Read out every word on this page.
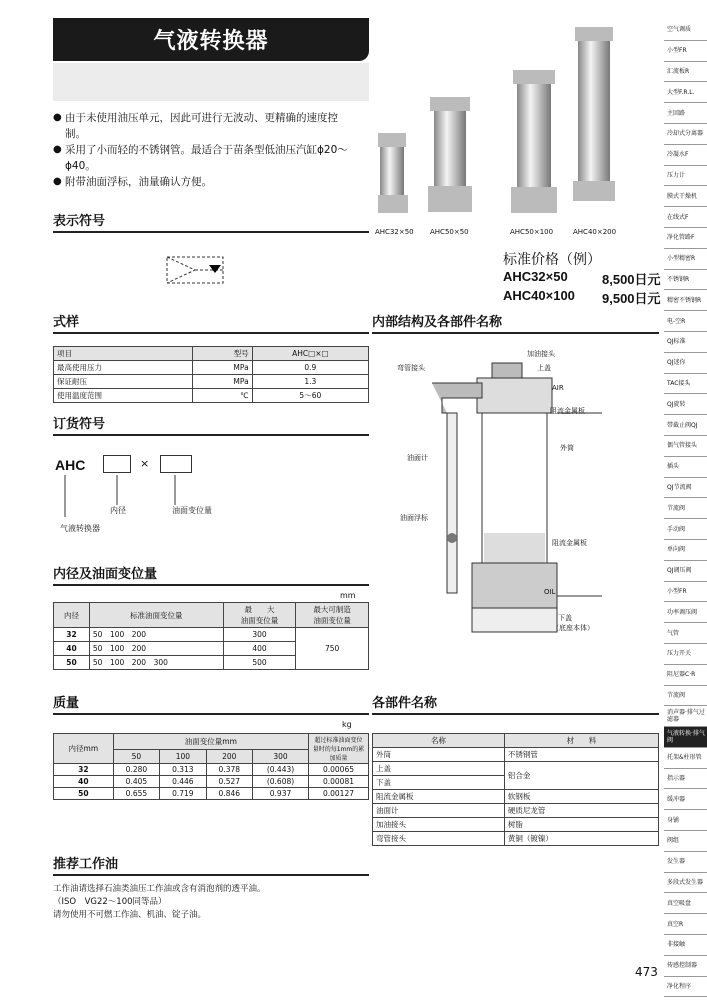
气液转换器
● 由于未使用油压单元，因此可进行无波动、更精确的速度控制。
● 采用了小而轻的不锈钢管。最适合于苗条型低油压汽缸ϕ20～ϕ40。
● 附带油面浮标，油量确认方便。
AHC32×50 AHC50×50	AHC50×100	AHC40×200
标准价格（例）
AHC32×50	8,500日元
AHC40×100	9,500日元
表示符号
式样
项目	型号	AHC□×□
最高使用压力	MPa	0.9
保证耐压	MPa	1.3
使用温度范围	℃	5～60
订货符号
AHC	×
内径	油面变位量
气液转换器
内径及油面变位量
mm
内径	标准油面变位量	最　　大
油面变位量	最大可制造
油面变位量
32	50　100　200	300	750
40	50　100　200	400	
50	50　100　200　300	500	
质量
kg
内径mm	油面变位量mm				超过标准油面变位量时的每1mm的累加质量
	50	100	200	300	
32	0.280	0.313	0.378	(0.443)	0.00065
40	0.405	0.446	0.527	(0.608)	0.00081
50	0.655	0.719	0.846	0.937	0.00127
推荐工作油
工作油请选择石油类油压工作油或含有消泡剂的透平油。
（ISO　VG22～100同等品）
请勿使用不可燃工作油、机油、锭子油。
内部结构及各部件名称
加油接头
弯管接头	上盖
AIR
阻流金属板
外筒
油面计
油面浮标
阻流金属板
OIL
下盖
（底座本体）
各部件名称
名称	材　　料
外筒	不锈钢管
上盖	铝合金
下盖	
阻流金属板	软钢板
油面计	硬质尼龙管
加油接头	树脂
弯管接头	黄铜（镀镍）
空气调质
小型FR
汇流板R
大型F.R.L.
主回路
冷却式分离器
冷凝水F
压力计
膜式干燥机
在线式F
净化管路F
小型精密R
不锈钢R
精密不锈钢R
电-空R
QJ标准
QJ迷你
TAC接头
QJ旋转
带截止阀QJ
偶气管接头
插头
QJ节流阀
节流阀
手动阀
单向阀
QJ调压阀
小型FR
功率调压阀
气管
压力开关
阻尼器C·R
节流阀
消声器·排气过滤器
气液转换·排气阀
托架&柱形管
指示器
缓冲器
身铺
阀组
发生器
多段式发生器
真空吸盘
真空R
非接触
传感控制器
净化程序
473
